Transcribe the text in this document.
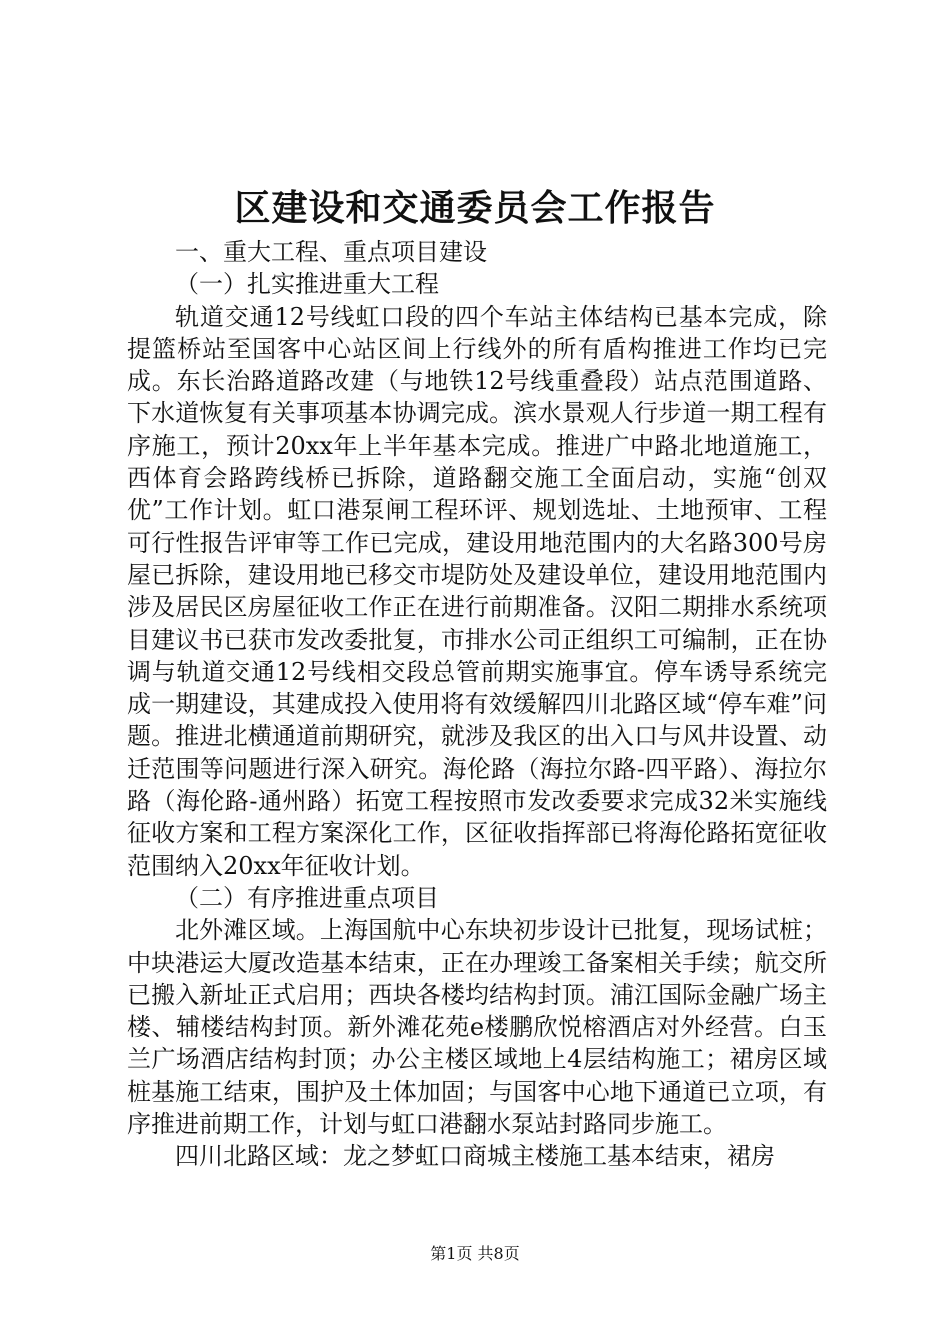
区建设和交通委员会工作报告

一、重大工程、重点项目建设

（一）扎实推进重大工程

轨道交通12号线虹口段的四个车站主体结构已基本完成，除提篮桥站至国客中心站区间上行线外的所有盾构推进工作均已完成。东长治路道路改建（与地铁12号线重叠段）站点范围道路、下水道恢复有关事项基本协调完成。滨水景观人行步道一期工程有序施工，预计20xx年上半年基本完成。推进广中路北地道施工，西体育会路跨线桥已拆除，道路翻交施工全面启动，实施“创双优”工作计划。虹口港泵闸工程环评、规划选址、土地预审、工程可行性报告评审等工作已完成，建设用地范围内的大名路300号房屋已拆除，建设用地已移交市堤防处及建设单位，建设用地范围内涉及居民区房屋征收工作正在进行前期准备。汉阳二期排水系统项目建议书已获市发改委批复，市排水公司正组织工可编制，正在协调与轨道交通12号线相交段总管前期实施事宜。停车诱导系统完成一期建设，其建成投入使用将有效缓解四川北路区域“停车难”问题。推进北横通道前期研究，就涉及我区的出入口与风井设置、动迁范围等问题进行深入研究。海伦路（海拉尔路-四平路）、海拉尔路（海伦路-通州路）拓宽工程按照市发改委要求完成32米实施线征收方案和工程方案深化工作，区征收指挥部已将海伦路拓宽征收范围纳入20xx年征收计划。

（二）有序推进重点项目

北外滩区域。上海国航中心东块初步设计已批复，现场试桩；中块港运大厦改造基本结束，正在办理竣工备案相关手续；航交所已搬入新址正式启用；西块各楼均结构封顶。浦江国际金融广场主楼、辅楼结构封顶。新外滩花苑e楼鹏欣悦榕酒店对外经营。白玉兰广场酒店结构封顶；办公主楼区域地上4层结构施工；裙房区域桩基施工结束，围护及土体加固；与国客中心地下通道已立项，有序推进前期工作，计划与虹口港翻水泵站封路同步施工。

四川北路区域：龙之梦虹口商城主楼施工基本结束，裙房

第1页 共8页
